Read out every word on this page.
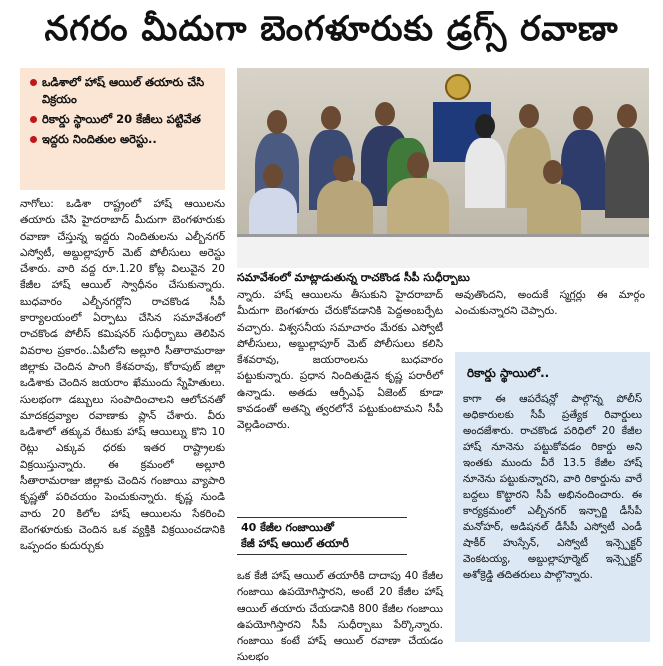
నగరం మీదుగా బెంగళూరుకు డ్రగ్స్ రవాణా
ఒడిశాలో హాష్ ఆయిల్ తయారు చేసి విక్రయం
రికార్డు స్థాయిలో 20 కేజీలు పట్టివేత
ఇద్దరు నిందితుల అరెస్టు..

నాగోలు: ఒడిశా రాష్ట్రంలో హాష్ ఆయిలను తయారు చేసి హైదరాబాద్ మీదుగా బెంగళూరుకు రవాణా చేస్తున్న ఇద్దరు నిందితులను ఎల్బీనగర్ ఎస్వోటీ, అబ్దుల్లాపూర్ మెట్ పోలీసులు అరెస్టు చేశారు. వారి వద్ద రూ.1.20 కోట్ల విలువైన 20 కేజీల హాష్ ఆయిల్ స్వాధీనం చేసుకున్నారు. బుధవారం ఎల్బీనగర్లోని రాచకొండ సీపీ కార్యాలయంలో ఏర్పాటు చేసిన సమావేశంలో రాచకొండ పోలీస్ కమిషనర్ సుధీర్బాబు తెలిపిన వివరాల ప్రకారం..ఏపీలోని అల్లూరి సీతారామరాజు జిల్లాకు చెందిన పాంగి కేశవరావు, కోరాపుట్ జిల్లా ఒడిశాకు చెందిన జయరాం ఖేముందు స్నేహితులు. సులభంగా డబ్బులు సంపాదించాలని ఆలోచనతో మాదకద్రవ్యాల రవాణాకు ప్లాన్ చేశారు. వీరు ఒడిశాలో తక్కువ రేటుకు హాష్ ఆయిల్ను కొని 10 రెట్లు ఎక్కువ ధరకు ఇతర రాష్ట్రాలకు విక్రయిస్తున్నారు. ఈ క్రమంలో అల్లూరి సీతారామరాజు జిల్లాకు చెందిన గంజాయి వ్యాపారి కృష్ణతో పరిచయం పెంచుకున్నారు. కృష్ణ నుండి వారు 20 కిలోల హాష్ ఆయిలను సేకరించి బెంగళూరుకు చెందిన ఒక వ్యక్తికి విక్రయించడానికి ఒప్పందం కుదుర్చుకు

సమావేశంలో మాట్లాడుతున్న రాచకొండ సీపీ సుధీర్బాబు

న్నారు. హాష్ ఆయిలను తీసుకుని హైదరాబాద్ మీదుగా బెంగళూరు చేరుకోవడానికి పెద్దఅంబర్పేట వచ్చారు. విశ్వసనీయ సమాచారం మేరకు ఎస్వోటీ పోలీసులు, అబ్దుల్లాపూర్ మెట్ పోలీసులు కలిసి కేశవరావు, జయరాంలను బుధవారం పట్టుకున్నారు. ప్రధాన నిందితుడైన కృష్ణ పరారీలో ఉన్నాడు. అతడు ఆర్పీఎఫ్ ఏజెంట్ కూడా కావడంతో అతన్ని త్వరలోనే పట్టుకుంటామని సీపీ వెల్లడించారు.

40 కేజీల గంజాయితో
కేజీ హాష్ ఆయిల్ తయారీ

ఒక కేజీ హాష్ ఆయిల్ తయారీకి దాదాపు 40 కేజీల గంజాయి ఉపయోగిస్తారని, అంటే 20 కేజీల హాష్ ఆయిల్ తయారు చేయడానికి 800 కేజీల గంజాయి ఉపయోగిస్తారని సీపీ సుధీర్బాబు పేర్కొన్నారు. గంజాయి కంటే హాష్ ఆయిల్ రవాణా చేయడం సులభం

అవుతొందని, అందుకే స్మగ్లర్లు ఈ మార్గం ఎంచుకున్నారని చెప్పారు.

రికార్డు స్థాయిలో..
కాగా ఈ ఆపరేషన్లో పాల్గొన్న పోలీస్ అధికారులకు సీపీ ప్రత్యేక రివార్డులు అందజేశారు. రాచకొండ పరిధిలో 20 కేజీల హాష్ నూనెను పట్టుకోవడం రికార్డు అని ఇంతకు ముందు వీరే 13.5 కేజీల హాష్ నూనెను పట్టుకున్నారని, వారి రికార్డును వారే బద్దలు కొట్టారని సీపీ అభినందించారు. ఈ కార్యక్రమంలో ఎల్బీనగర్ ఇన్చార్జి డీసీపీ మనోహర్, అడిషనల్ డీసీపీ ఎస్వోటీ ఎండీ షాకీర్ హుస్సేన్, ఎస్వోటీ ఇన్స్పెక్టర్ వెంకటయ్య, అబ్దుల్లాపూర్మెట్ ఇన్స్పెక్టర్ అశోక్రెడ్డి తదితరులు పాల్గొన్నారు.
